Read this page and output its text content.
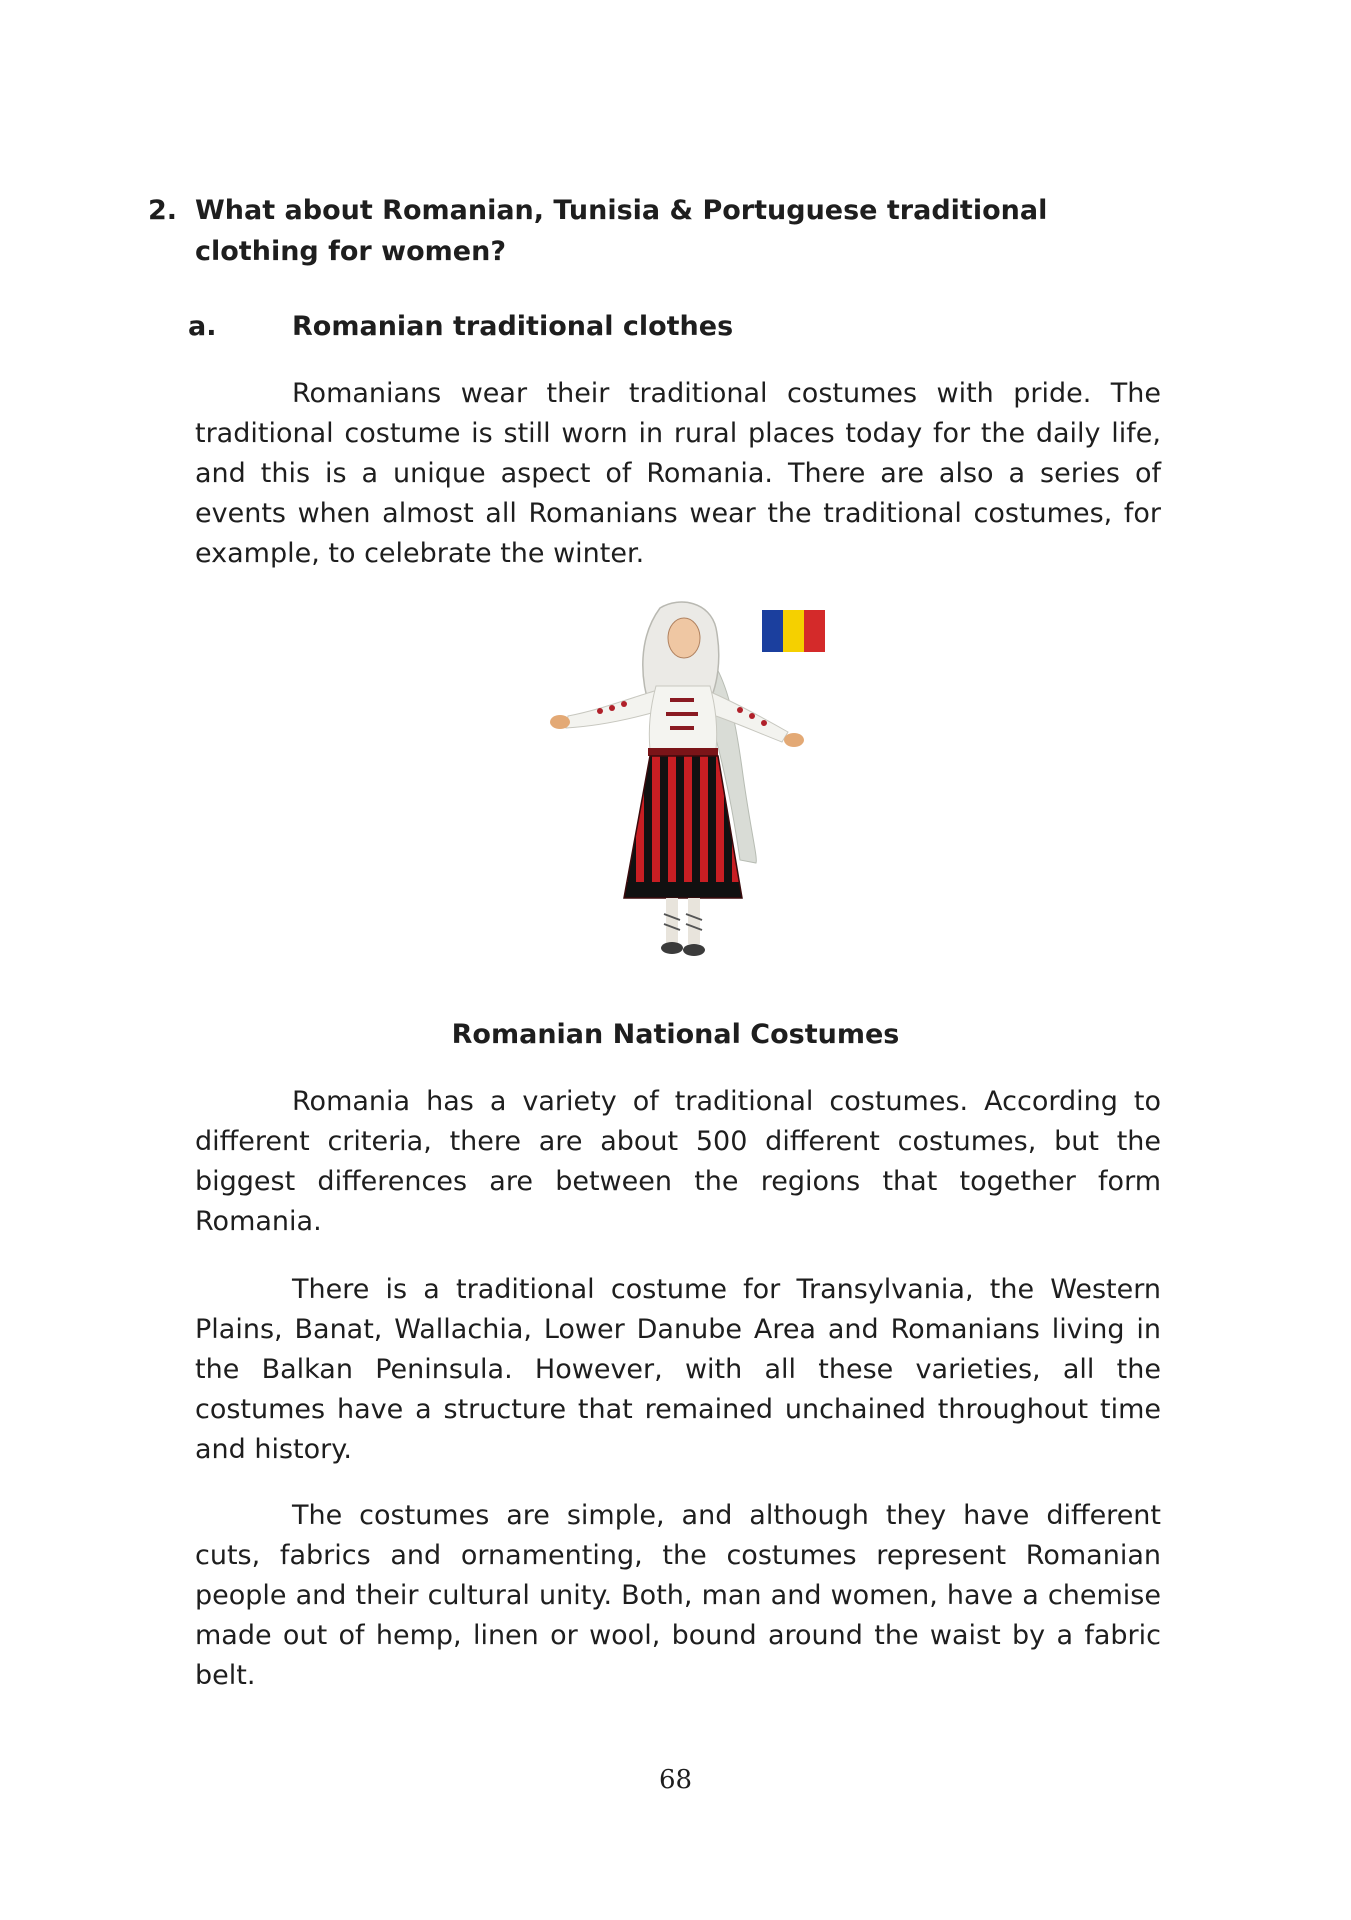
2. What about Romanian, Tunisia & Portuguese traditional clothing for women?
a.	Romanian traditional clothes

Romanians wear their traditional costumes with pride. The traditional costume is still worn in rural places today for the daily life, and this is a unique aspect of Romania. There are also a series of events when almost all Romanians wear the traditional costumes, for example, to celebrate the winter.

Romanian National Costumes

Romania has a variety of traditional costumes. According to different criteria, there are about 500 different costumes, but the biggest differences are between the regions that together form Romania.

There is a traditional costume for Transylvania, the Western Plains, Banat, Wallachia, Lower Danube Area and Romanians living in the Balkan Peninsula. However, with all these varieties, all the costumes have a structure that remained unchained throughout time and history.

The costumes are simple, and although they have different cuts, fabrics and ornamenting, the costumes represent Romanian people and their cultural unity. Both, man and women, have a chemise made out of hemp, linen or wool, bound around the waist by a fabric belt.

68
